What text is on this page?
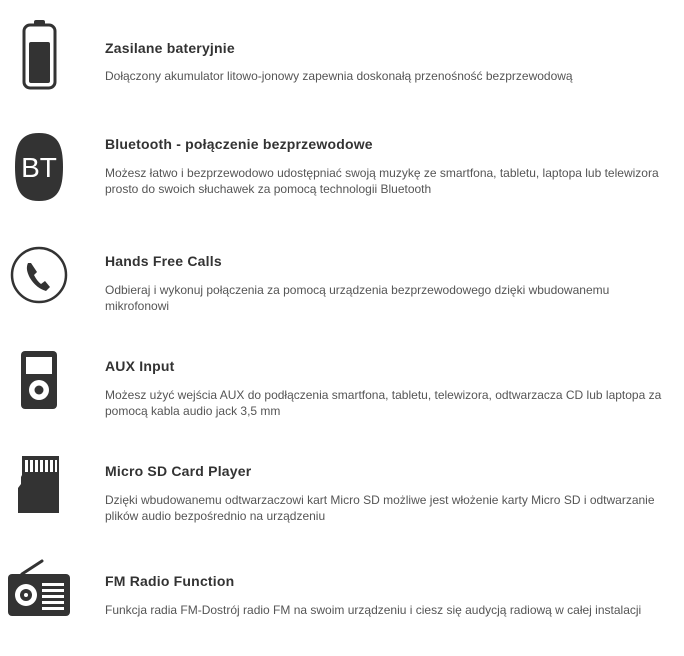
Zasilane bateryjnie
Dołączony akumulator litowo-jonowy zapewnia doskonałą przenośność bezprzewodową
BT
Bluetooth - połączenie bezprzewodowe
Możesz łatwo i bezprzewodowo udostępniać swoją muzykę ze smartfona, tabletu, laptopa lub telewizora
prosto do swoich słuchawek za pomocą technologii Bluetooth
Hands Free Calls
Odbieraj i wykonuj połączenia za pomocą urządzenia bezprzewodowego dzięki wbudowanemu
mikrofonowi
AUX Input
Możesz użyć wejścia AUX do podłączenia smartfona, tabletu, telewizora, odtwarzacza CD lub laptopa za
pomocą kabla audio jack 3,5 mm
Micro SD Card Player
Dzięki wbudowanemu odtwarzaczowi kart Micro SD możliwe jest włożenie karty Micro SD i odtwarzanie
plików audio bezpośrednio na urządzeniu
FM Radio Function
Funkcja radia FM-Dostrój radio FM na swoim urządzeniu i ciesz się audycją radiową w całej instalacji
